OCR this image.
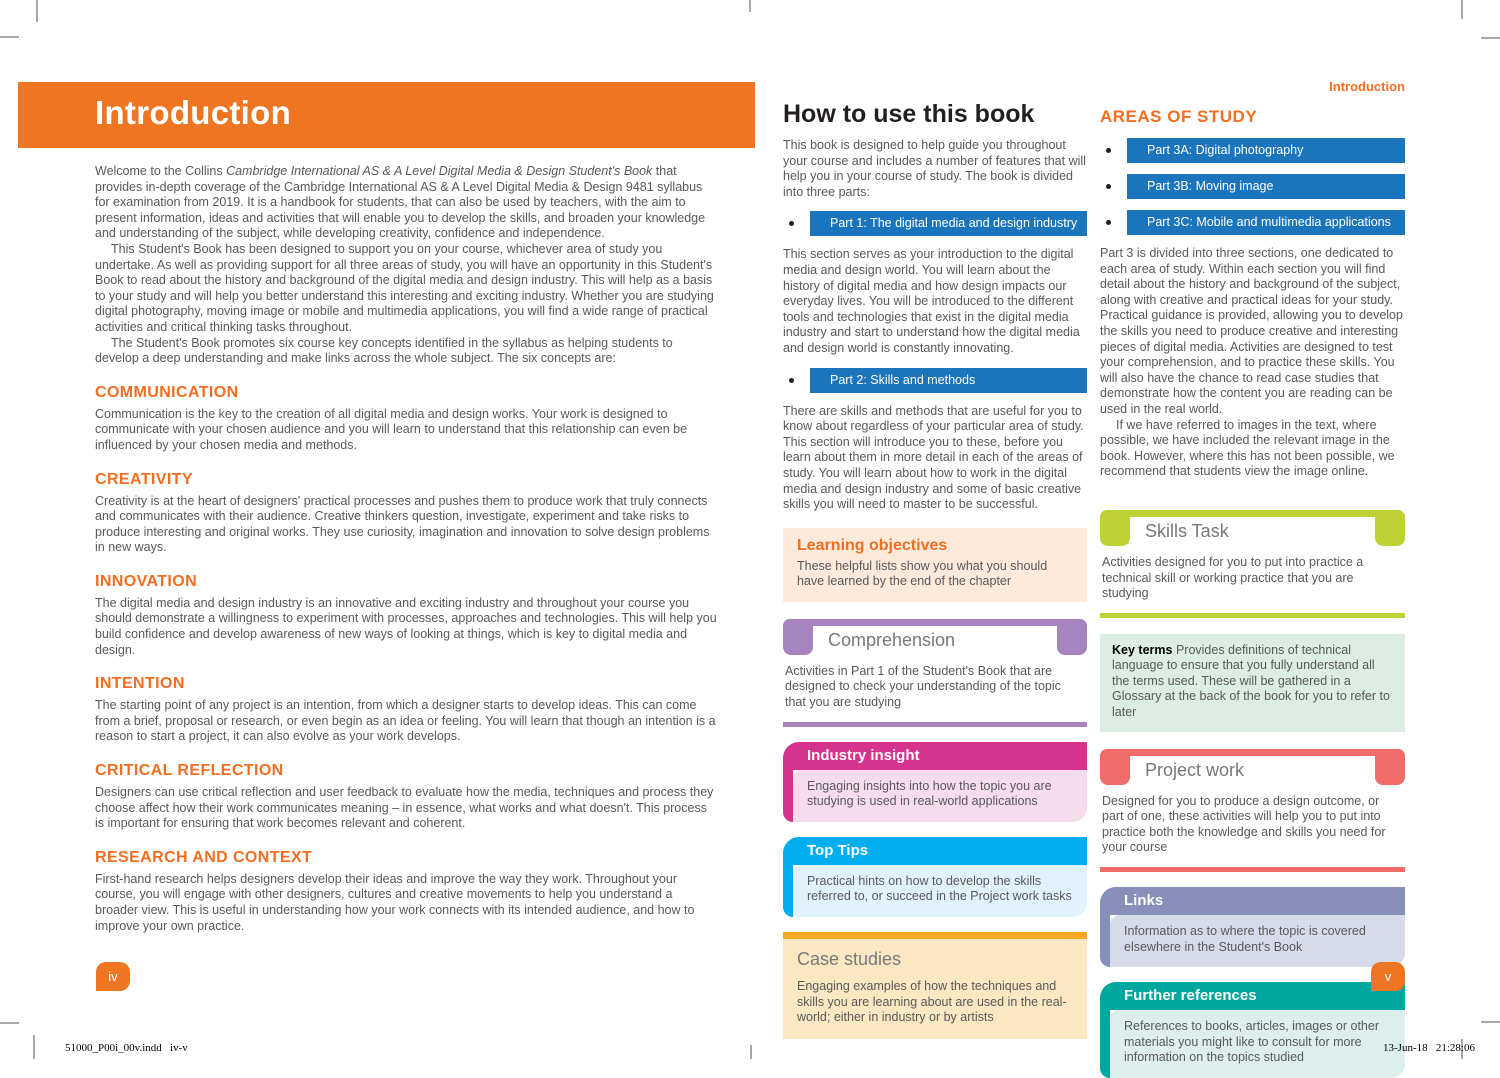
Introduction

Welcome to the Collins Cambridge International AS & A Level Digital Media & Design Student's Book that provides in-depth coverage of the Cambridge International AS & A Level Digital Media & Design 9481 syllabus for examination from 2019. It is a handbook for students, that can also be used by teachers, with the aim to present information, ideas and activities that will enable you to develop the skills, and broaden your knowledge and understanding of the subject, while developing creativity, confidence and independence.

This Student's Book has been designed to support you on your course, whichever area of study you undertake. As well as providing support for all three areas of study, you will have an opportunity in this Student's Book to read about the history and background of the digital media and design industry. This will help as a basis to your study and will help you better understand this interesting and exciting industry. Whether you are studying digital photography, moving image or mobile and multimedia applications, you will find a wide range of practical activities and critical thinking tasks throughout.

The Student's Book promotes six course key concepts identified in the syllabus as helping students to develop a deep understanding and make links across the whole subject. The six concepts are:

COMMUNICATION

Communication is the key to the creation of all digital media and design works. Your work is designed to communicate with your chosen audience and you will learn to understand that this relationship can even be influenced by your chosen media and methods.

CREATIVITY

Creativity is at the heart of designers' practical processes and pushes them to produce work that truly connects and communicates with their audience. Creative thinkers question, investigate, experiment and take risks to produce interesting and original works. They use curiosity, imagination and innovation to solve design problems in new ways.

INNOVATION

The digital media and design industry is an innovative and exciting industry and throughout your course you should demonstrate a willingness to experiment with processes, approaches and technologies. This will help you build confidence and develop awareness of new ways of looking at things, which is key to digital media and design.

INTENTION

The starting point of any project is an intention, from which a designer starts to develop ideas. This can come from a brief, proposal or research, or even begin as an idea or feeling. You will learn that though an intention is a reason to start a project, it can also evolve as your work develops.

CRITICAL REFLECTION

Designers can use critical reflection and user feedback to evaluate how the media, techniques and process they choose affect how their work communicates meaning – in essence, what works and what doesn't. This process is important for ensuring that work becomes relevant and coherent.

RESEARCH AND CONTEXT

First-hand research helps designers develop their ideas and improve the way they work. Throughout your course, you will engage with other designers, cultures and creative movements to help you understand a broader view. This is useful in understanding how your work connects with its intended audience, and how to improve your own practice.

How to use this book

This book is designed to help guide you throughout your course and includes a number of features that will help you in your course of study. The book is divided into three parts:

Part 1: The digital media and design industry

This section serves as your introduction to the digital media and design world. You will learn about the history of digital media and how design impacts our everyday lives. You will be introduced to the different tools and technologies that exist in the digital media industry and start to understand how the digital media and design world is constantly innovating.

Part 2: Skills and methods

There are skills and methods that are useful for you to know about regardless of your particular area of study. This section will introduce you to these, before you learn about them in more detail in each of the areas of study. You will learn about how to work in the digital media and design industry and some of basic creative skills you will need to master to be successful.

Learning objectives

These helpful lists show you what you should have learned by the end of the chapter

Comprehension

Activities in Part 1 of the Student's Book that are designed to check your understanding of the topic that you are studying

Industry insight

Engaging insights into how the topic you are studying is used in real-world applications

Top Tips

Practical hints on how to develop the skills referred to, or succeed in the Project work tasks

Case studies

Engaging examples of how the techniques and skills you are learning about are used in the real-world; either in industry or by artists

Introduction
AREAS OF STUDY
Part 3A: Digital photography
Part 3B: Moving image
Part 3C: Mobile and multimedia applications

Part 3 is divided into three sections, one dedicated to each area of study. Within each section you will find detail about the history and background of the subject, along with creative and practical ideas for your study. Practical guidance is provided, allowing you to develop the skills you need to produce creative and interesting pieces of digital media. Activities are designed to test your comprehension, and to practice these skills. You will also have the chance to read case studies that demonstrate how the content you are reading can be used in the real world.

If we have referred to images in the text, where possible, we have included the relevant image in the book. However, where this has not been possible, we recommend that students view the image online.

Skills Task

Activities designed for you to put into practice a technical skill or working practice that you are studying

Key terms Provides definitions of technical language to ensure that you fully understand all the terms used. These will be gathered in a Glossary at the back of the book for you to refer to later

Project work

Designed for you to produce a design outcome, or part of one, these activities will help you to put into practice both the knowledge and skills you need for your course

Links

Information as to where the topic is covered elsewhere in the Student's Book

Further references

References to books, articles, images or other materials you might like to consult for more information on the topics studied

iv	v
51000_P00i_00v.indd   iv-v	13-Jun-18   21:28:06
